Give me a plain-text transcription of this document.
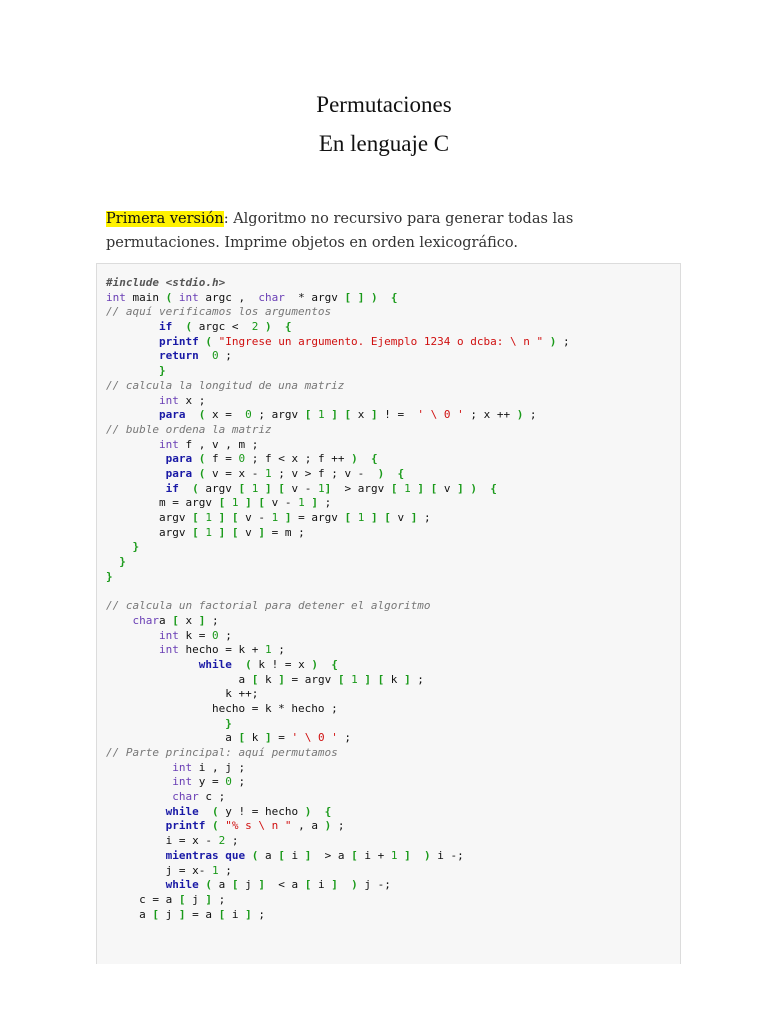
Permutaciones
En lenguaje C
Primera versión: Algoritmo no recursivo para generar todas las permutaciones. Imprime objetos en orden lexicográfico.
#include <stdio.h>
int main ( int argc ,  char  * argv [ ] ) {
// aquí verificamos los argumentos
if ( argc <  2 ) {
printf ( "Ingrese un argumento. Ejemplo 1234 o dcba: \ n " ) ;
return 0 ;
}
// calcula la longitud de una matriz
int x ;
para ( x =  0 ; argv [ 1 ] [ x ] ! =  ' \ 0 ' ; x ++ ) ;
// buble ordena la matriz
int f , v , m ;
para ( f = 0 ; f < x ; f ++ ) {
para ( v = x - 1 ; v > f ; v -  ) {
if ( argv [ 1 ] [ v - 1]  > argv [ 1 ] [ v ] ) {
m = argv [ 1 ] [ v - 1 ] ;
argv [ 1 ] [ v - 1 ] = argv [ 1 ] [ v ] ;
argv [ 1 ] [ v ] = m ;
}
}
}
// calcula un factorial para detener el algoritmo
chara [ x ] ;
int k = 0 ;
int hecho = k + 1 ;
while ( k ! = x ) {
a [ k ] = argv [ 1 ] [ k ] ;
k ++;
hecho = k * hecho ;
}
a [ k ] = ' \ 0 ' ;
// Parte principal: aquí permutamos
int i , j ;
int y = 0 ;
char c ;
while ( y ! = hecho ) {
printf ( "% s \ n " , a ) ;
i = x - 2 ;
mientras que ( a [ i ]  > a [ i + 1 ] ) i -;
j = x- 1 ;
while ( a [ j ]  < a [ i ] ) j -;
c = a [ j ] ;
a [ j ] = a [ i ] ;
